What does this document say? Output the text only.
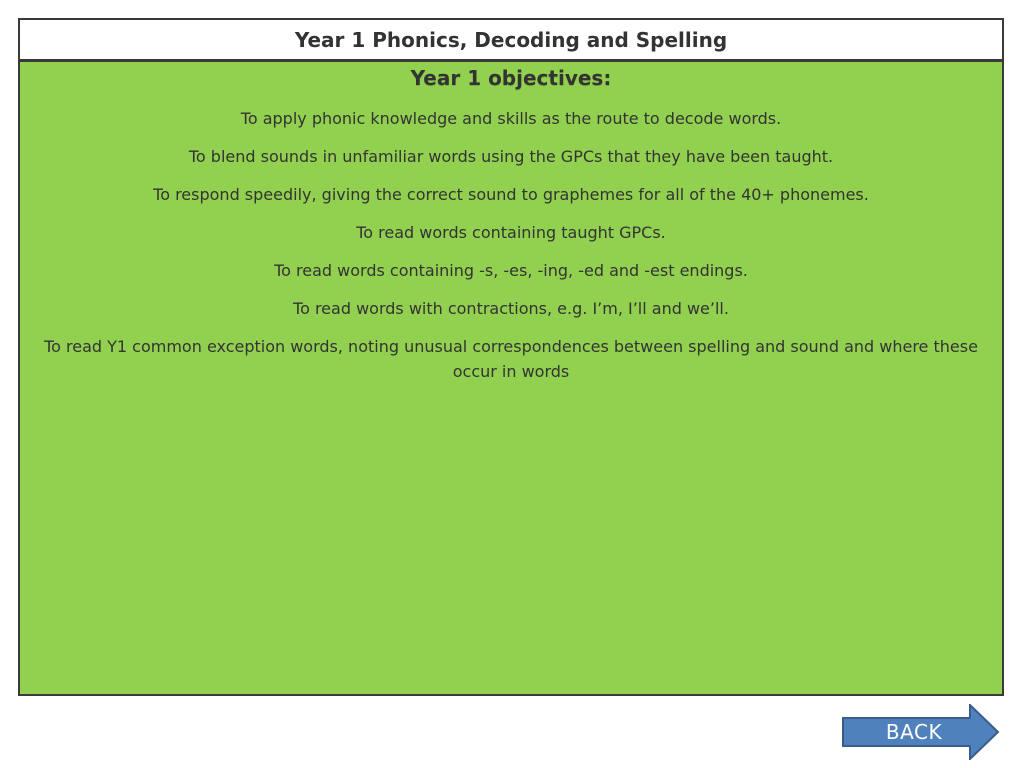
Year 1 Phonics, Decoding and Spelling
Year 1 objectives:
To apply phonic knowledge and skills as the route to decode words.
To blend sounds in unfamiliar words using the GPCs that they have been taught.
To respond speedily, giving the correct sound to graphemes for all of the 40+ phonemes.
To read words containing taught GPCs.
To read words containing -s, -es, -ing, -ed and -est endings.
To read words with contractions, e.g. I’m, I’ll and we’ll.
To read Y1 common exception words, noting unusual correspondences between spelling and sound and where these occur in words
BACK
